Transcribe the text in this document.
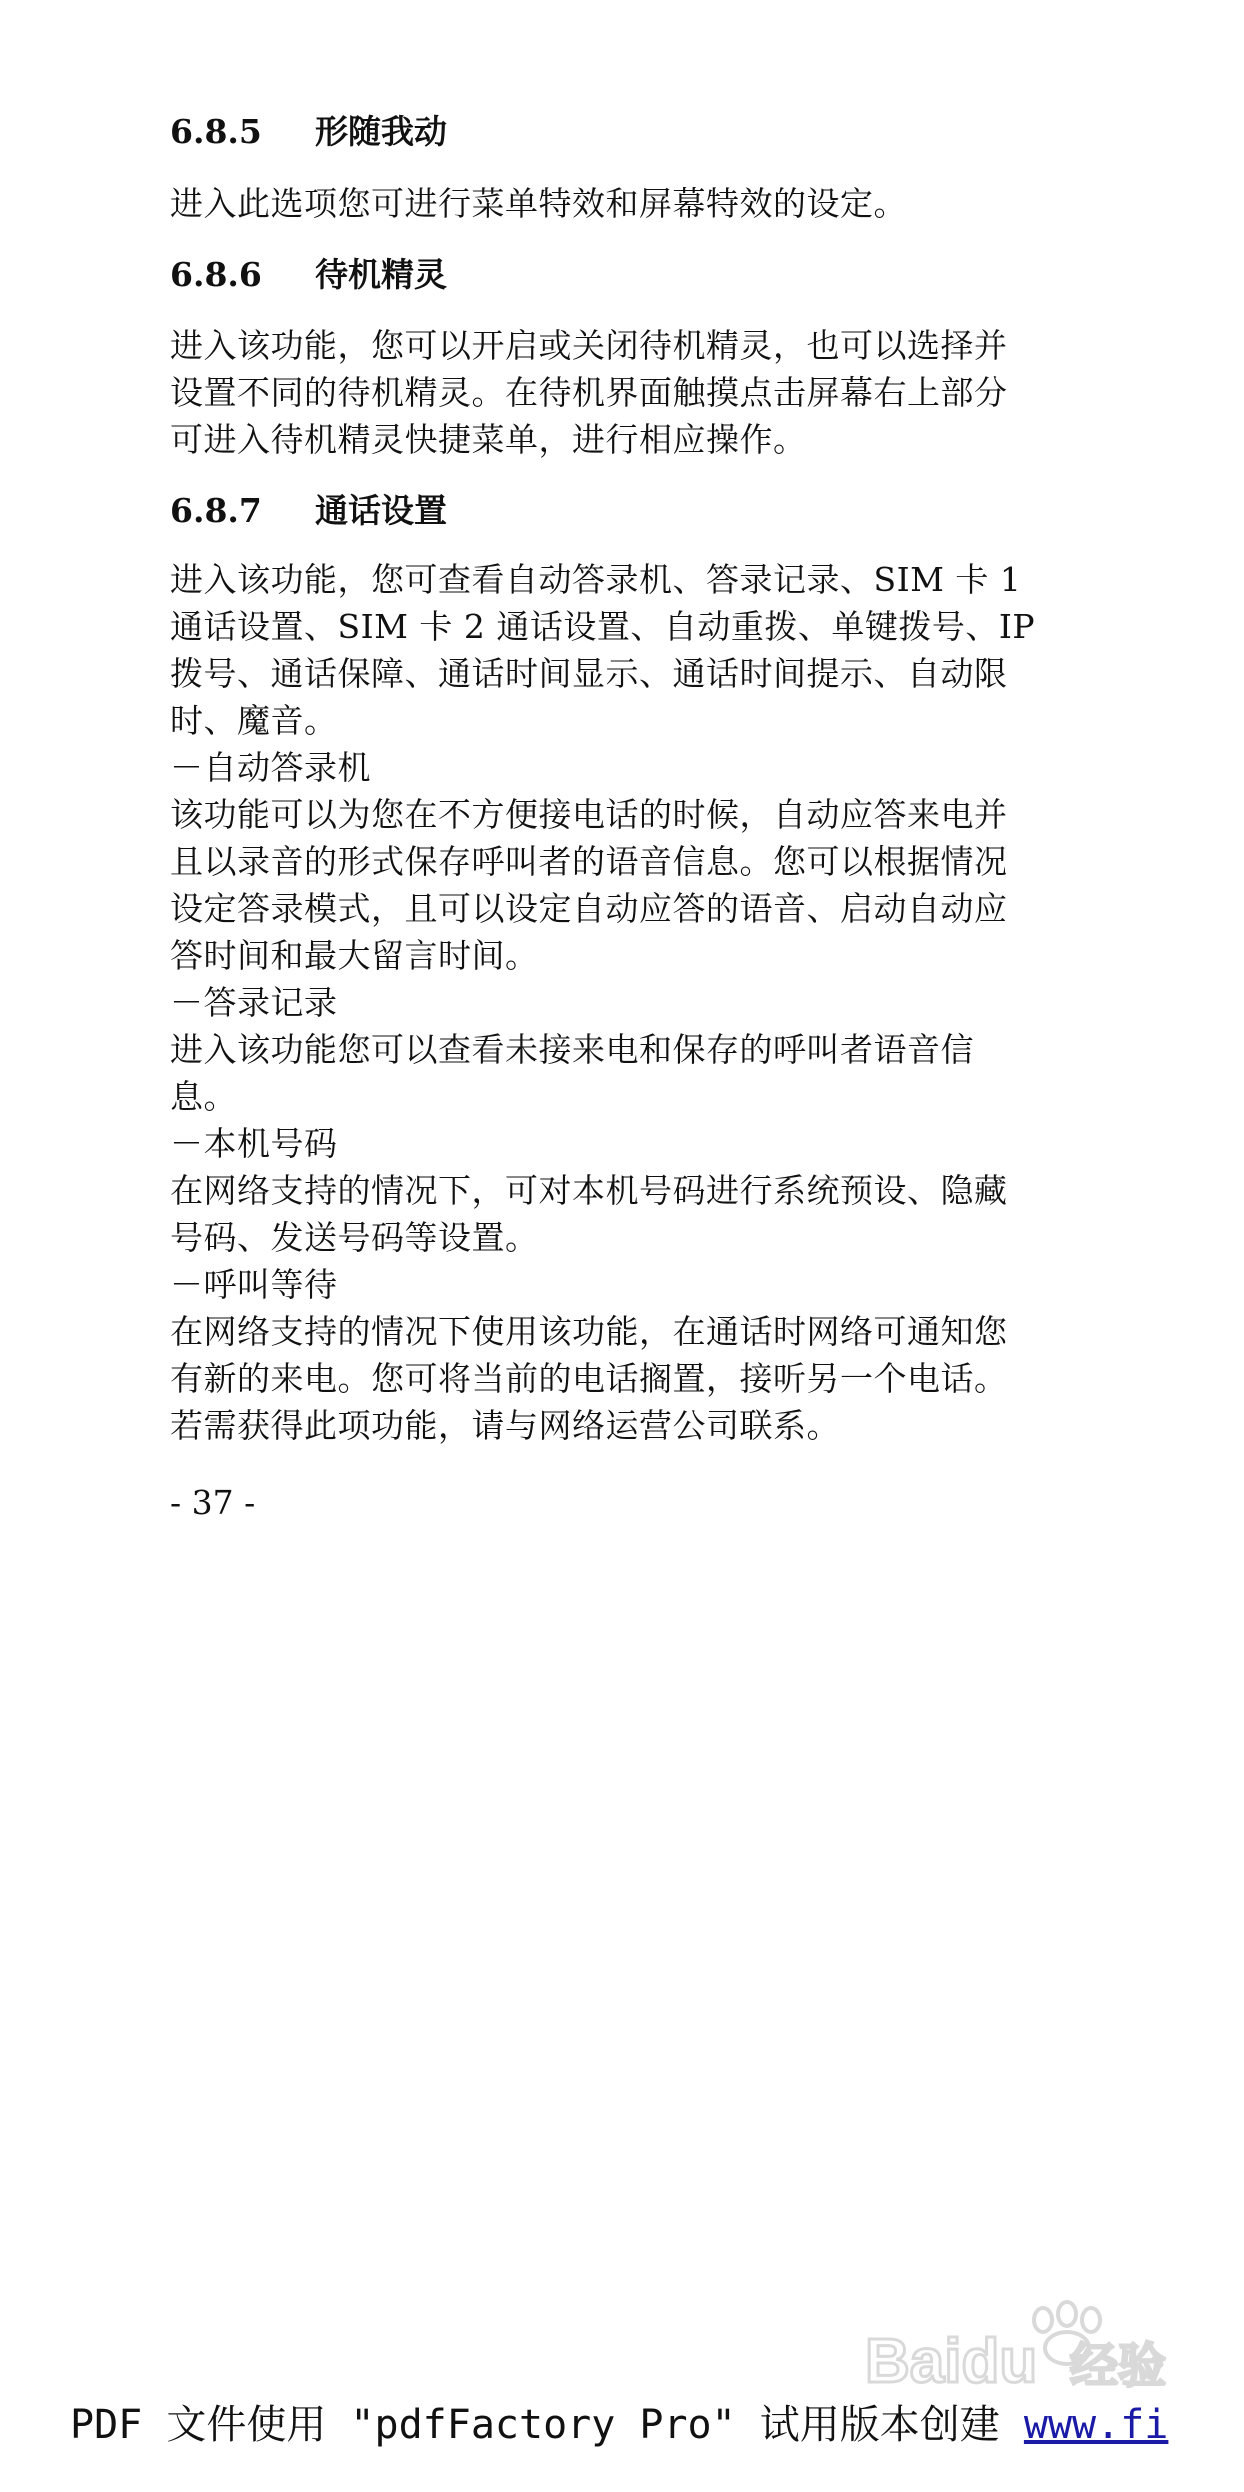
6.8.5 形随我动
进入此选项您可进行菜单特效和屏幕特效的设定。
6.8.6 待机精灵
进入该功能，您可以开启或关闭待机精灵，也可以选择并
设置不同的待机精灵。在待机界面触摸点击屏幕右上部分
可进入待机精灵快捷菜单，进行相应操作。
6.8.7 通话设置
进入该功能，您可查看自动答录机、答录记录、SIM 卡 1
通话设置、SIM 卡 2 通话设置、自动重拨、单键拨号、IP
拨号、通话保障、通话时间显示、通话时间提示、自动限
时、魔音。
－自动答录机
该功能可以为您在不方便接电话的时候，自动应答来电并
且以录音的形式保存呼叫者的语音信息。您可以根据情况
设定答录模式，且可以设定自动应答的语音、启动自动应
答时间和最大留言时间。
－答录记录
进入该功能您可以查看未接来电和保存的呼叫者语音信
息。
－本机号码
在网络支持的情况下，可对本机号码进行系统预设、隐藏
号码、发送号码等设置。
－呼叫等待
在网络支持的情况下使用该功能，在通话时网络可通知您
有新的来电。您可将当前的电话搁置，接听另一个电话。
若需获得此项功能，请与网络运营公司联系。
- 37 -
Baidu 经验
PDF 文件使用 "pdfFactory Pro" 试用版本创建 www.fi
